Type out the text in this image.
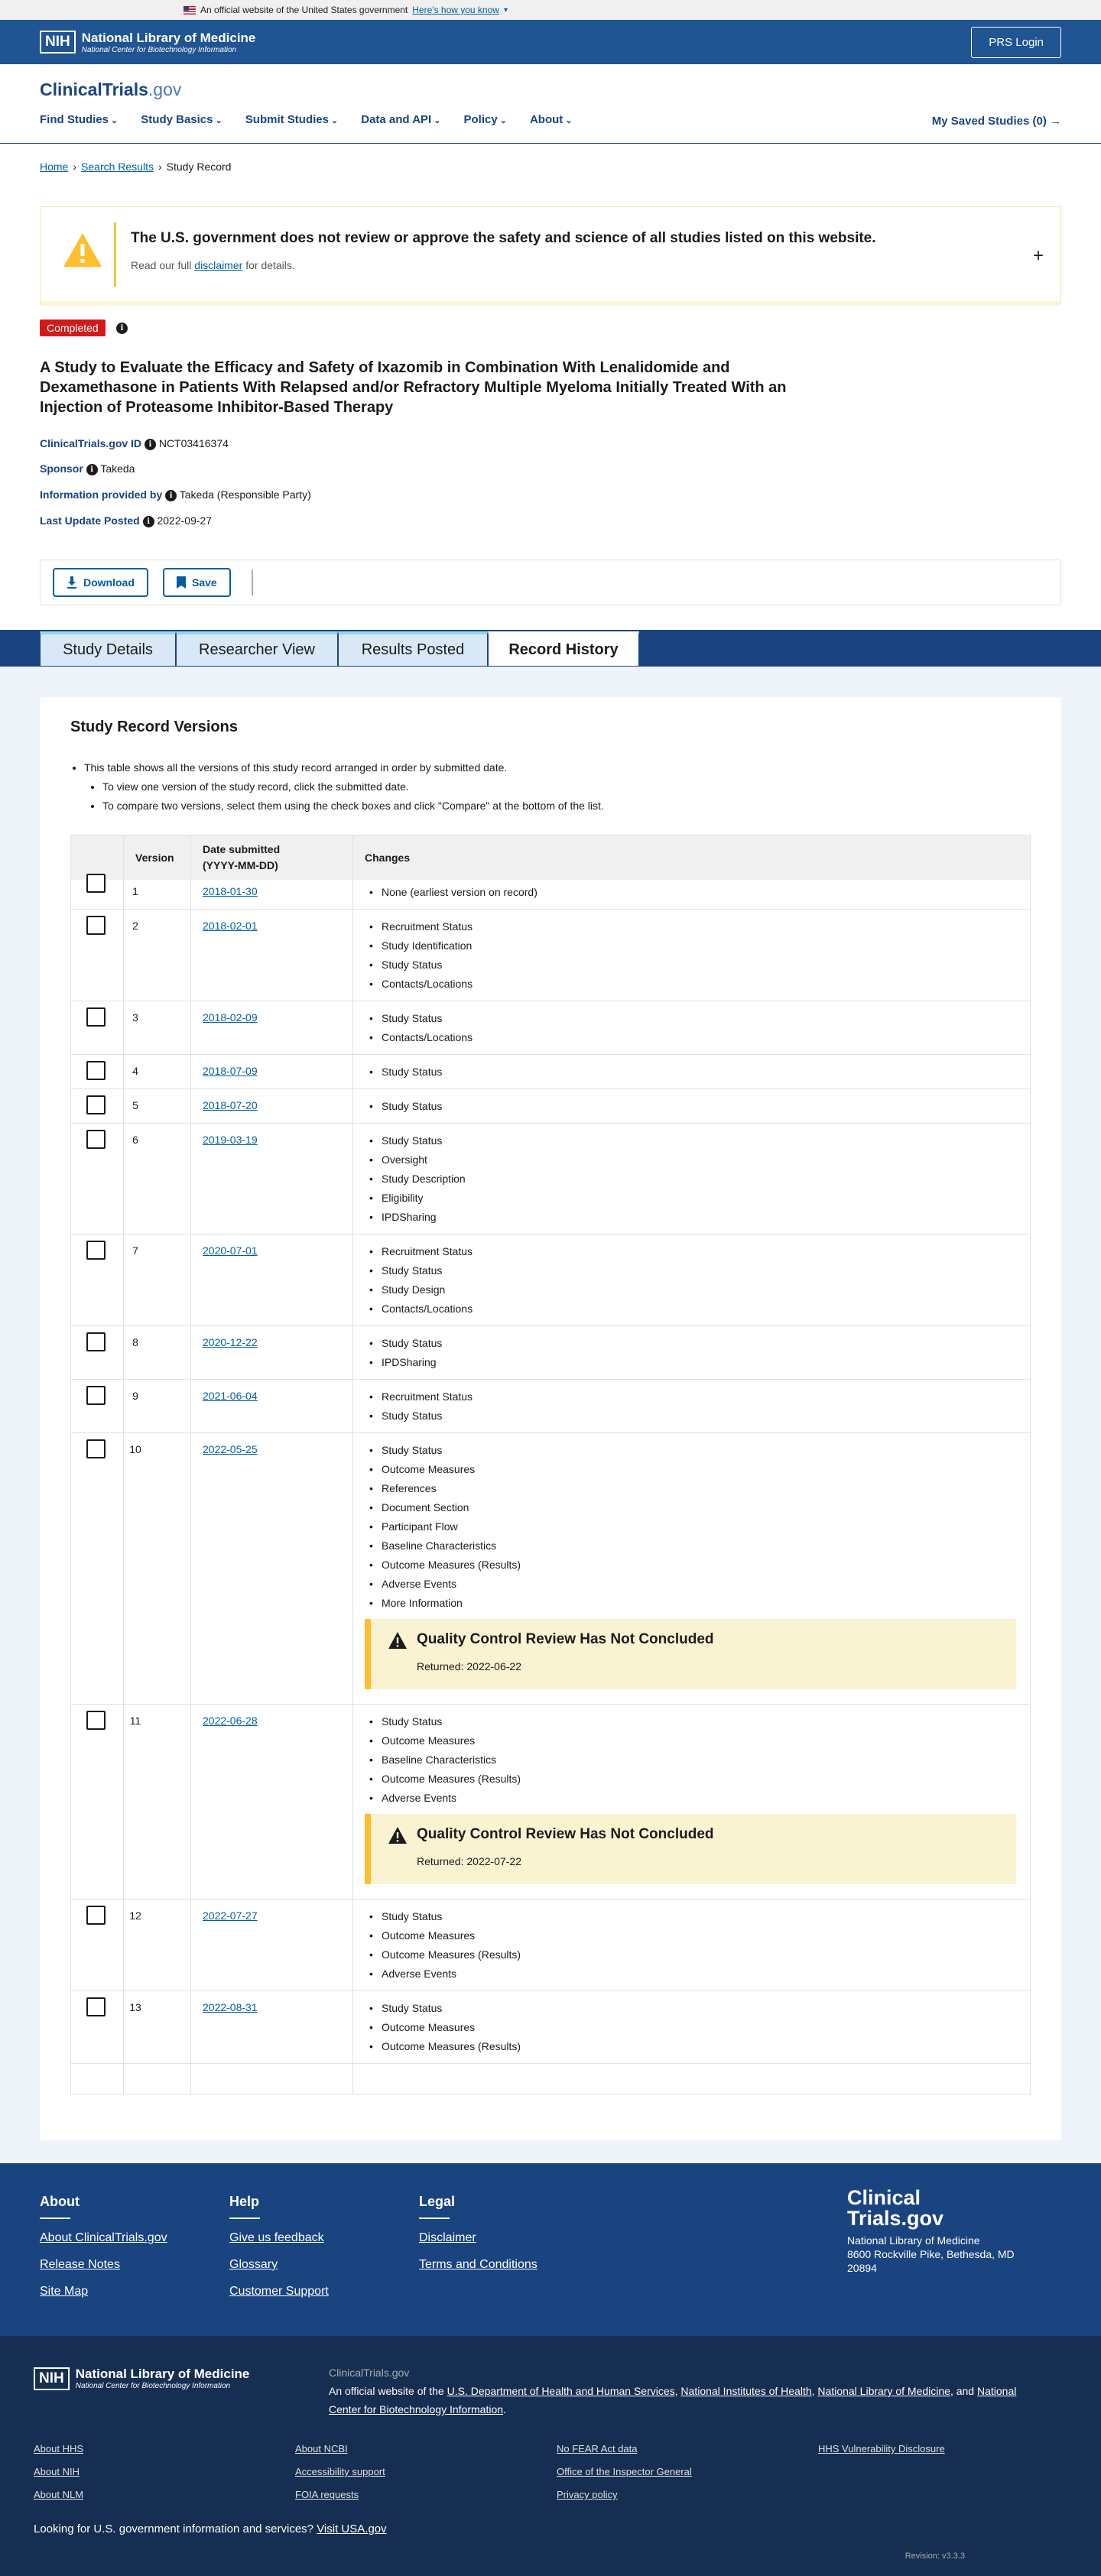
An official website of the United States government Here's how you know ▾
NIH National Library of Medicine
National Center for Biotechnology Information
PRS Login
ClinicalTrials.gov
Find Studies ⌄	Study Basics ⌄	Submit Studies ⌄	Data and API ⌄	Policy ⌄	About ⌄	My Saved Studies (0) →
Home › Search Results › Study Record
The U.S. government does not review or approve the safety and science of all studies listed on this website.
Read our full disclaimer for details.	+
Completed	i
A Study to Evaluate the Efficacy and Safety of Ixazomib in Combination With Lenalidomide and Dexamethasone in Patients With Relapsed and/or Refractory Multiple Myeloma Initially Treated With an Injection of Proteasome Inhibitor-Based Therapy
ClinicalTrials.gov ID i NCT03416374
Sponsor i Takeda
Information provided by i Takeda (Responsible Party)
Last Update Posted i 2022-09-27
Download	Save
Study Details	Researcher View	Results Posted	Record History
Study Record Versions
• This table shows all the versions of this study record arranged in order by submitted date.
• To view one version of the study record, click the submitted date.
• To compare two versions, select them using the check boxes and click "Compare" at the bottom of the list.
Version
Date submitted
(YYYY-MM-DD)
Changes
1	2018-01-30	• None (earliest version on record)
2	2018-02-01	• Recruitment Status
• Study Identification
• Study Status
• Contacts/Locations
3	2018-02-09	• Study Status
• Contacts/Locations
4	2018-07-09	• Study Status
5	2018-07-20	• Study Status
6	2019-03-19	• Study Status
• Oversight
• Study Description
• Eligibility
• IPDSharing
7	2020-07-01	• Recruitment Status
• Study Status
• Study Design
• Contacts/Locations
8	2020-12-22	• Study Status
• IPDSharing
9	2021-06-04	• Recruitment Status
• Study Status
10	2022-05-25	• Study Status
• Outcome Measures
• References
• Document Section
• Participant Flow
• Baseline Characteristics
• Outcome Measures (Results)
• Adverse Events
• More Information
Quality Control Review Has Not Concluded
Returned: 2022-06-22
11	2022-06-28	• Study Status
• Outcome Measures
• Baseline Characteristics
• Outcome Measures (Results)
• Adverse Events
Quality Control Review Has Not Concluded
Returned: 2022-07-22
12	2022-07-27	• Study Status
• Outcome Measures
• Outcome Measures (Results)
• Adverse Events
13	2022-08-31	• Study Status
• Outcome Measures
• Outcome Measures (Results)
About
About ClinicalTrials.gov
Release Notes
Site Map
Help
Give us feedback
Glossary
Customer Support
Legal
Disclaimer
Terms and Conditions
Clinical
Trials.gov
National Library of Medicine
8600 Rockville Pike, Bethesda, MD
20894
NIH National Library of Medicine
National Center for Biotechnology Information
ClinicalTrials.gov
An official website of the U.S. Department of Health and Human Services, National Institutes of Health, National Library of Medicine, and National Center for Biotechnology Information.
About HHS
About NIH
About NLM
About NCBI
Accessibility support
FOIA requests
No FEAR Act data
Office of the Inspector General
Privacy policy
HHS Vulnerability Disclosure
Looking for U.S. government information and services? Visit USA.gov
Revision: v3.3.3
